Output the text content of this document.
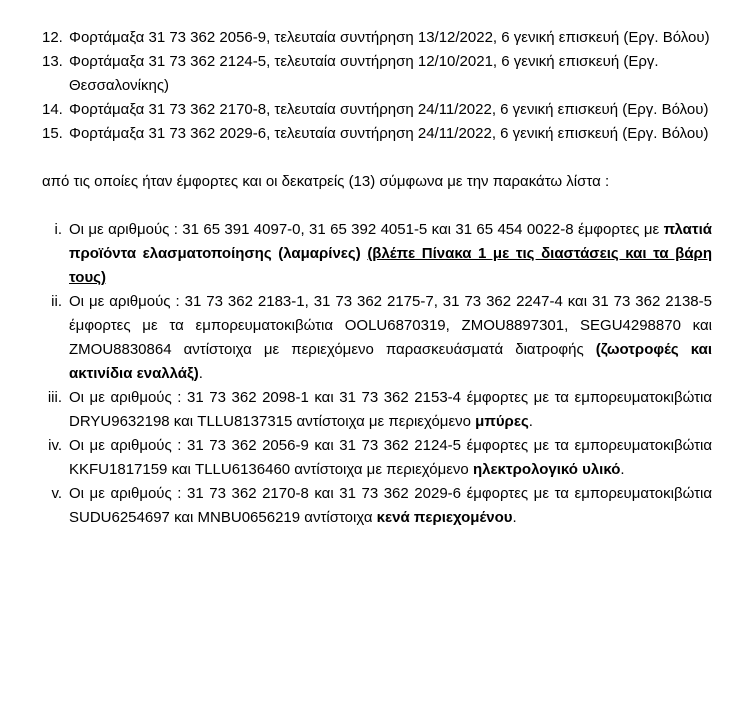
12. Φορτάμαξα 31 73 362 2056-9, τελευταία συντήρηση 13/12/2022, 6 γενική επισκευή (Εργ. Βόλου)
13. Φορτάμαξα 31 73 362 2124-5, τελευταία συντήρηση 12/10/2021, 6 γενική επισκευή (Εργ. Θεσσαλονίκης)
14. Φορτάμαξα 31 73 362 2170-8, τελευταία συντήρηση 24/11/2022, 6 γενική επισκευή (Εργ. Βόλου)
15. Φορτάμαξα 31 73 362 2029-6, τελευταία συντήρηση 24/11/2022, 6 γενική επισκευή (Εργ. Βόλου)

από τις οποίες ήταν έμφορτες και οι δεκατρείς (13) σύμφωνα με την παρακάτω λίστα :

i. Οι με αριθμούς : 31 65 391 4097-0, 31 65 392 4051-5 και 31 65 454 0022-8 έμφορτες με πλατιά προϊόντα ελασματοποίησης (λαμαρίνες) (βλέπε Πίνακα 1 με τις διαστάσεις και τα βάρη τους)
ii. Οι με αριθμούς : 31 73 362 2183-1, 31 73 362 2175-7, 31 73 362 2247-4 και 31 73 362 2138-5 έμφορτες με τα εμπορευματοκιβώτια OOLU6870319, ZMOU8897301, SEGU4298870 και ZMOU8830864 αντίστοιχα με περιεχόμενο παρασκευάσματά διατροφής (ζωοτροφές και ακτινίδια εναλλάξ).
iii. Οι με αριθμούς : 31 73 362 2098-1 και 31 73 362 2153-4 έμφορτες με τα εμπορευματοκιβώτια DRYU9632198 και TLLU8137315 αντίστοιχα με περιεχόμενο μπύρες.
iv. Οι με αριθμούς : 31 73 362 2056-9 και 31 73 362 2124-5 έμφορτες με τα εμπορευματοκιβώτια KKFU1817159 και TLLU6136460 αντίστοιχα με περιεχόμενο ηλεκτρολογικό υλικό.
v. Οι με αριθμούς : 31 73 362 2170-8 και 31 73 362 2029-6 έμφορτες με τα εμπορευματοκιβώτια SUDU6254697 και MNBU0656219 αντίστοιχα κενά περιεχομένου.
